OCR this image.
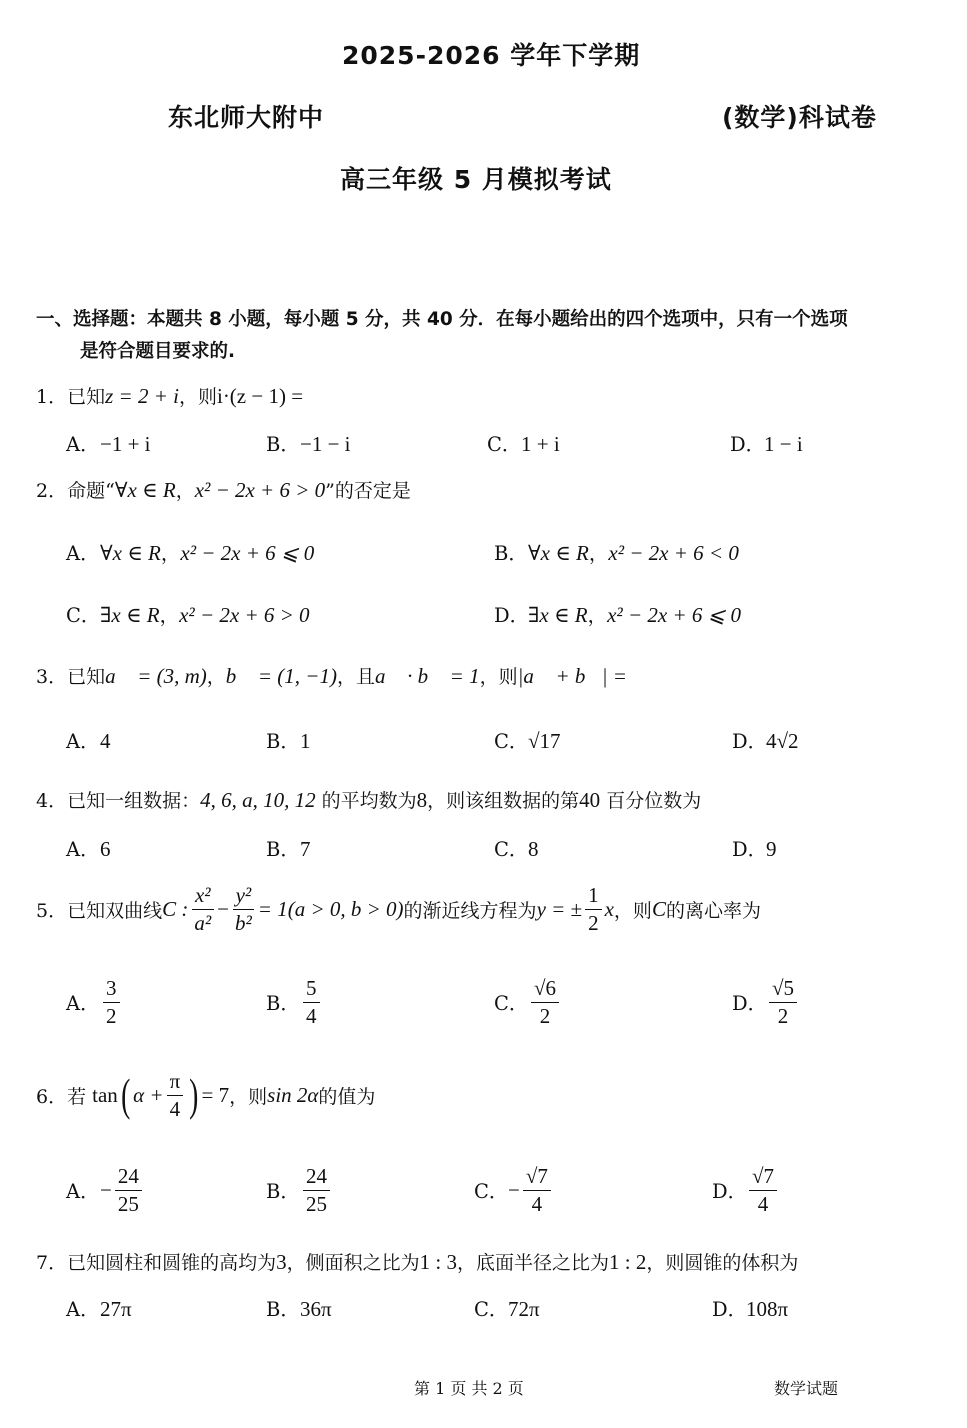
2025-2026 学年下学期
东北师大附中	(数学)科试卷
高三年级 5 月模拟考试
一、选择题：本题共 8 小题，每小题 5 分，共 40 分．在每小题给出的四个选项中，只有一个选项
是符合题目要求的.
1．已知z = 2 + i，则i·(z − 1) =
A．−1 + i	B．−1 − i	C．1 + i	D．1 − i
2．命题“∀x ∈ R，x² − 2x + 6 > 0”的否定是
A．∀x ∈ R，x² − 2x + 6 ⩽ 0	B．∀x ∈ R，x² − 2x + 6 < 0
C．∃x ∈ R，x² − 2x + 6 > 0	D．∃x ∈ R，x² − 2x + 6 ⩽ 0
3．已知a⃗ = (3, m)，b⃗ = (1, −1)，且a⃗ · b⃗ = 1，则|a⃗ + b⃗| =
A．4	B．1	C．√17	D．4√2
4．已知一组数据：4, 6, a, 10, 12 的平均数为8，则该组数据的第40 百分位数为
A．6	B．7	C．8	D．9
5． 已知双曲线 C : $\frac{\text{x²}}{\text{a²}} - \frac{\text{y²}}{\text{b²}} = 1(a > 0$, b > 0) 的渐近线方程为 y = ± $\frac{1}{2}$ x ，则 C 的离心率为
A． $\frac{3}{2}$	B． $\frac{5}{4}$	C． $\frac{√6}{2}$	D． $\frac{√5}{2}$
6． 若
tan ( $\alpha + \frac{\pi}{4}$ ) = 7 ，则 sin 2α 的值为
A． − $\frac{24}{25}$	B． $\frac{24}{25}$	C． − $\frac{√7}{4}$	D． $\frac{√7}{4}$
7．已知圆柱和圆锥的高均为3，侧面积之比为1 : 3，底面半径之比为1 : 2，则圆锥的体积为
A．27π	B．36π	C．72π	D．108π
第 1 页 共 2 页	数学试题
